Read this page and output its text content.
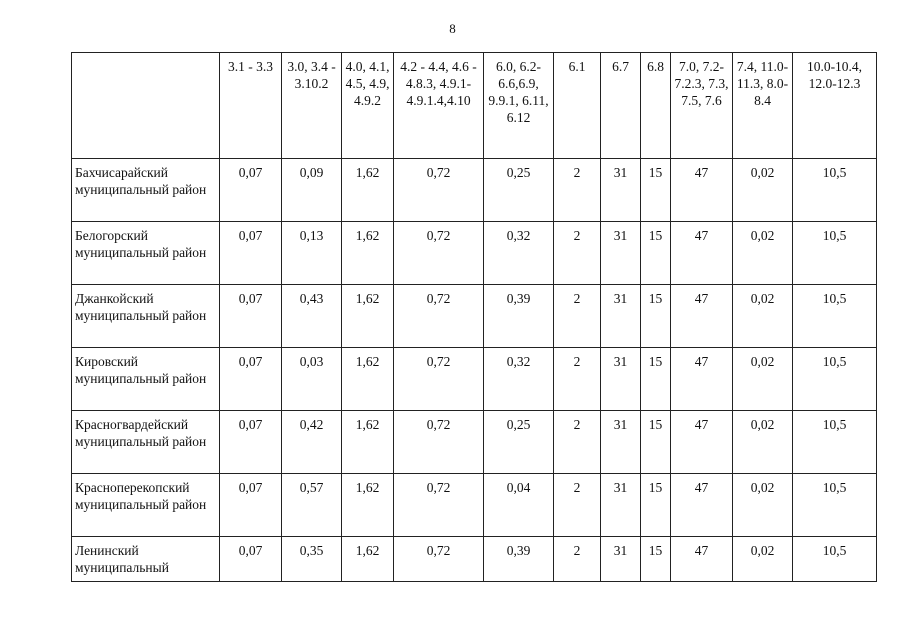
8
	3.1 - 3.3	3.0, 3.4 - 3.10.2	4.0, 4.1, 4.5, 4.9, 4.9.2	4.2 - 4.4, 4.6 - 4.8.3, 4.9.1- 4.9.1.4,4.10	6.0, 6.2- 6.6,6.9, 9.9.1, 6.11, 6.12	6.1	6.7	6.8	7.0, 7.2- 7.2.3, 7.3, 7.5, 7.6	7.4, 11.0- 11.3, 8.0-8.4	10.0-10.4, 12.0-12.3
Бахчисарайский муниципальный район	0,07	0,09	1,62	0,72	0,25	2	31	15	47	0,02	10,5
Белогорский муниципальный район	0,07	0,13	1,62	0,72	0,32	2	31	15	47	0,02	10,5
Джанкойский муниципальный район	0,07	0,43	1,62	0,72	0,39	2	31	15	47	0,02	10,5
Кировский муниципальный район	0,07	0,03	1,62	0,72	0,32	2	31	15	47	0,02	10,5
Красногвардейский муниципальный район	0,07	0,42	1,62	0,72	0,25	2	31	15	47	0,02	10,5
Красноперекопский муниципальный район	0,07	0,57	1,62	0,72	0,04	2	31	15	47	0,02	10,5
Ленинский муниципальный	0,07	0,35	1,62	0,72	0,39	2	31	15	47	0,02	10,5
